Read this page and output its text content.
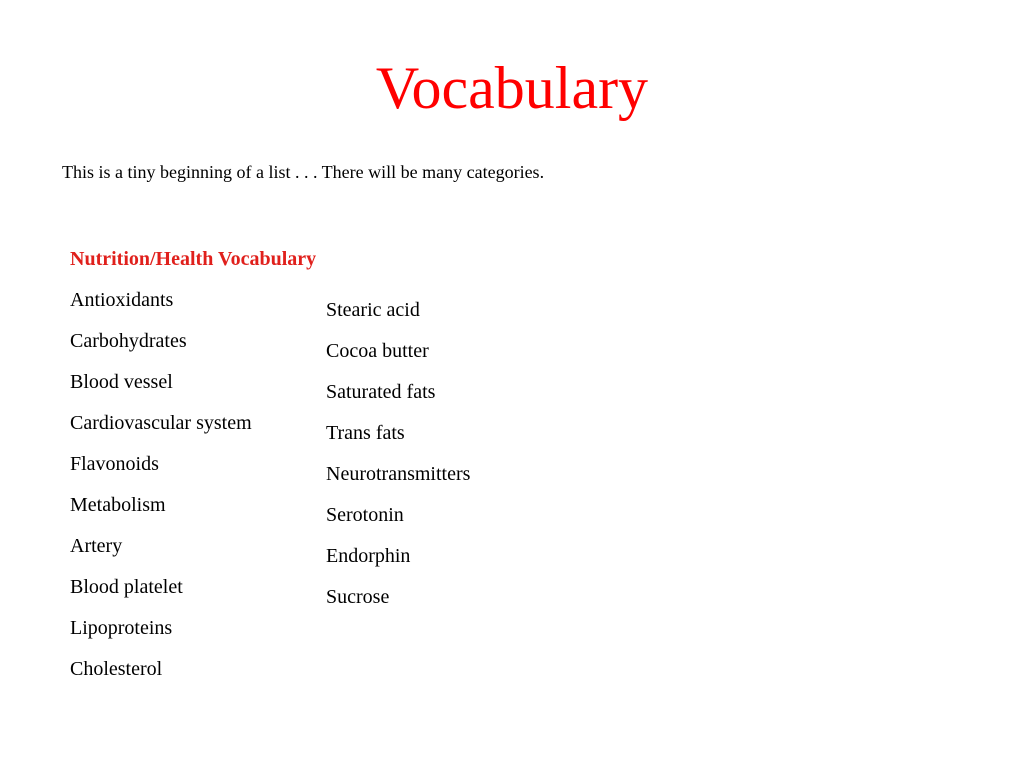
Vocabulary

This is a tiny beginning of a list . . . There will be many categories.

Nutrition/Health Vocabulary
Antioxidants
Carbohydrates
Blood vessel
Cardiovascular system
Flavonoids
Metabolism
Artery
Blood platelet
Lipoproteins
Cholesterol
Stearic acid
Cocoa butter
Saturated fats
Trans fats
Neurotransmitters
Serotonin
Endorphin
Sucrose
